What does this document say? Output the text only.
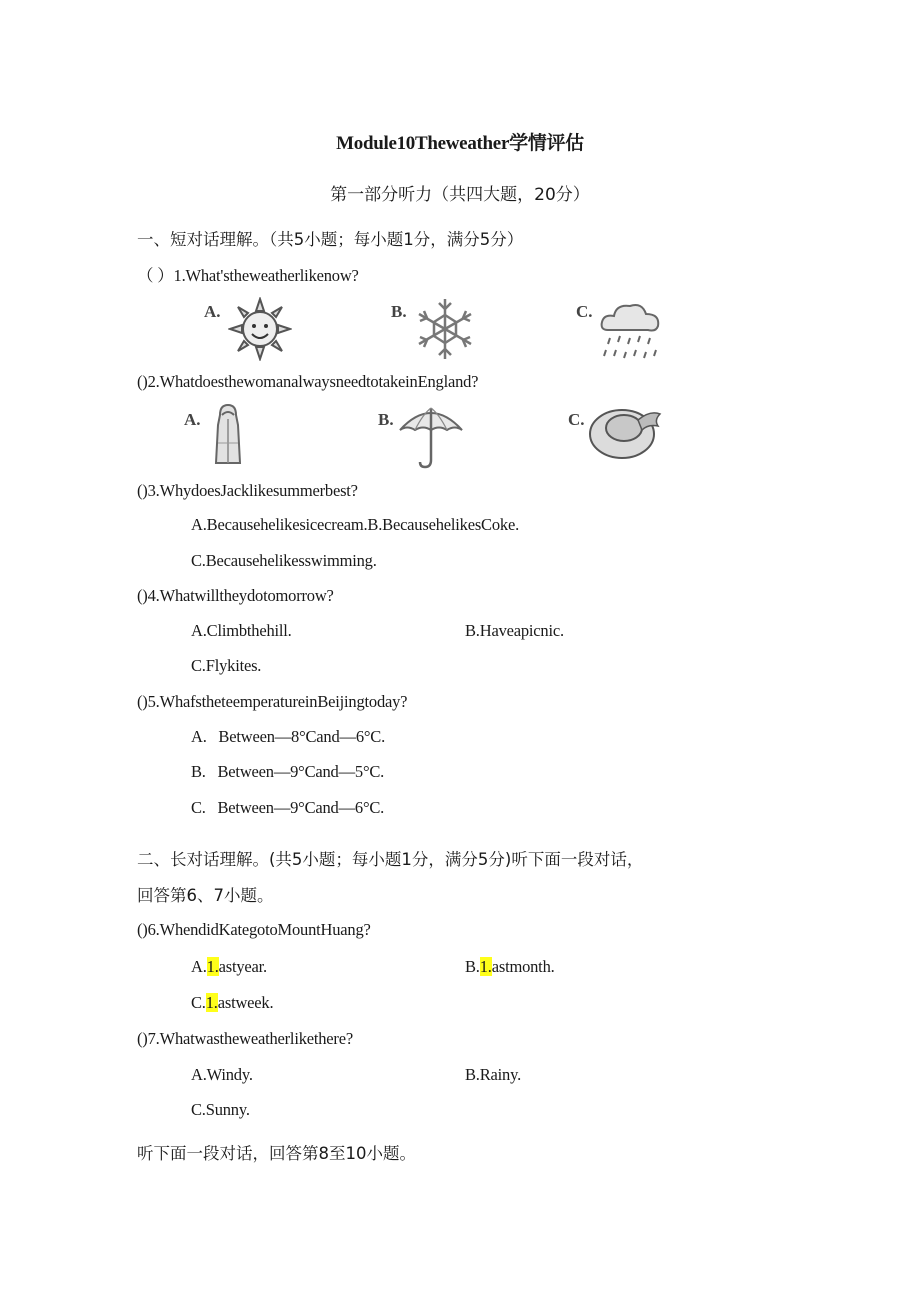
Module10Theweather学情评估
第一部分听力（共四大题，20分）
一、短对话理解。（共5小题；每小题1分，满分5分）
（ ）1.What'stheweatherlikenow?
A.	B.	C.
()2.WhatdoesthewomanalwaysneedtotakeinEngland?
A.	B.	C.
()3.WhydoesJacklikesummerbest?
A.Becausehelikesicecream.B.BecausehelikesCoke.
C.Becausehelikesswimming.
()4.Whatwilltheydotomorrow?
A.Climbthehill.	B.Haveapicnic.
C.Flykites.
()5.WhafstheteemperatureinBeijingtoday?
A.   Between—8°Cand—6°C.
B.   Between—9°Cand—5°C.
C.   Between—9°Cand—6°C.
二、长对话理解。(共5小题；每小题1分，满分5分)听下面一段对话，
回答第6、7小题。
()6.WhendidKategotoMountHuang?
A.1.astyear.	B.1.astmonth.
C.1.astweek.
()7.Whatwastheweatherlikethere?
A.Windy.	B.Rainy.
C.Sunny.
听下面一段对话，回答第8至10小题。
